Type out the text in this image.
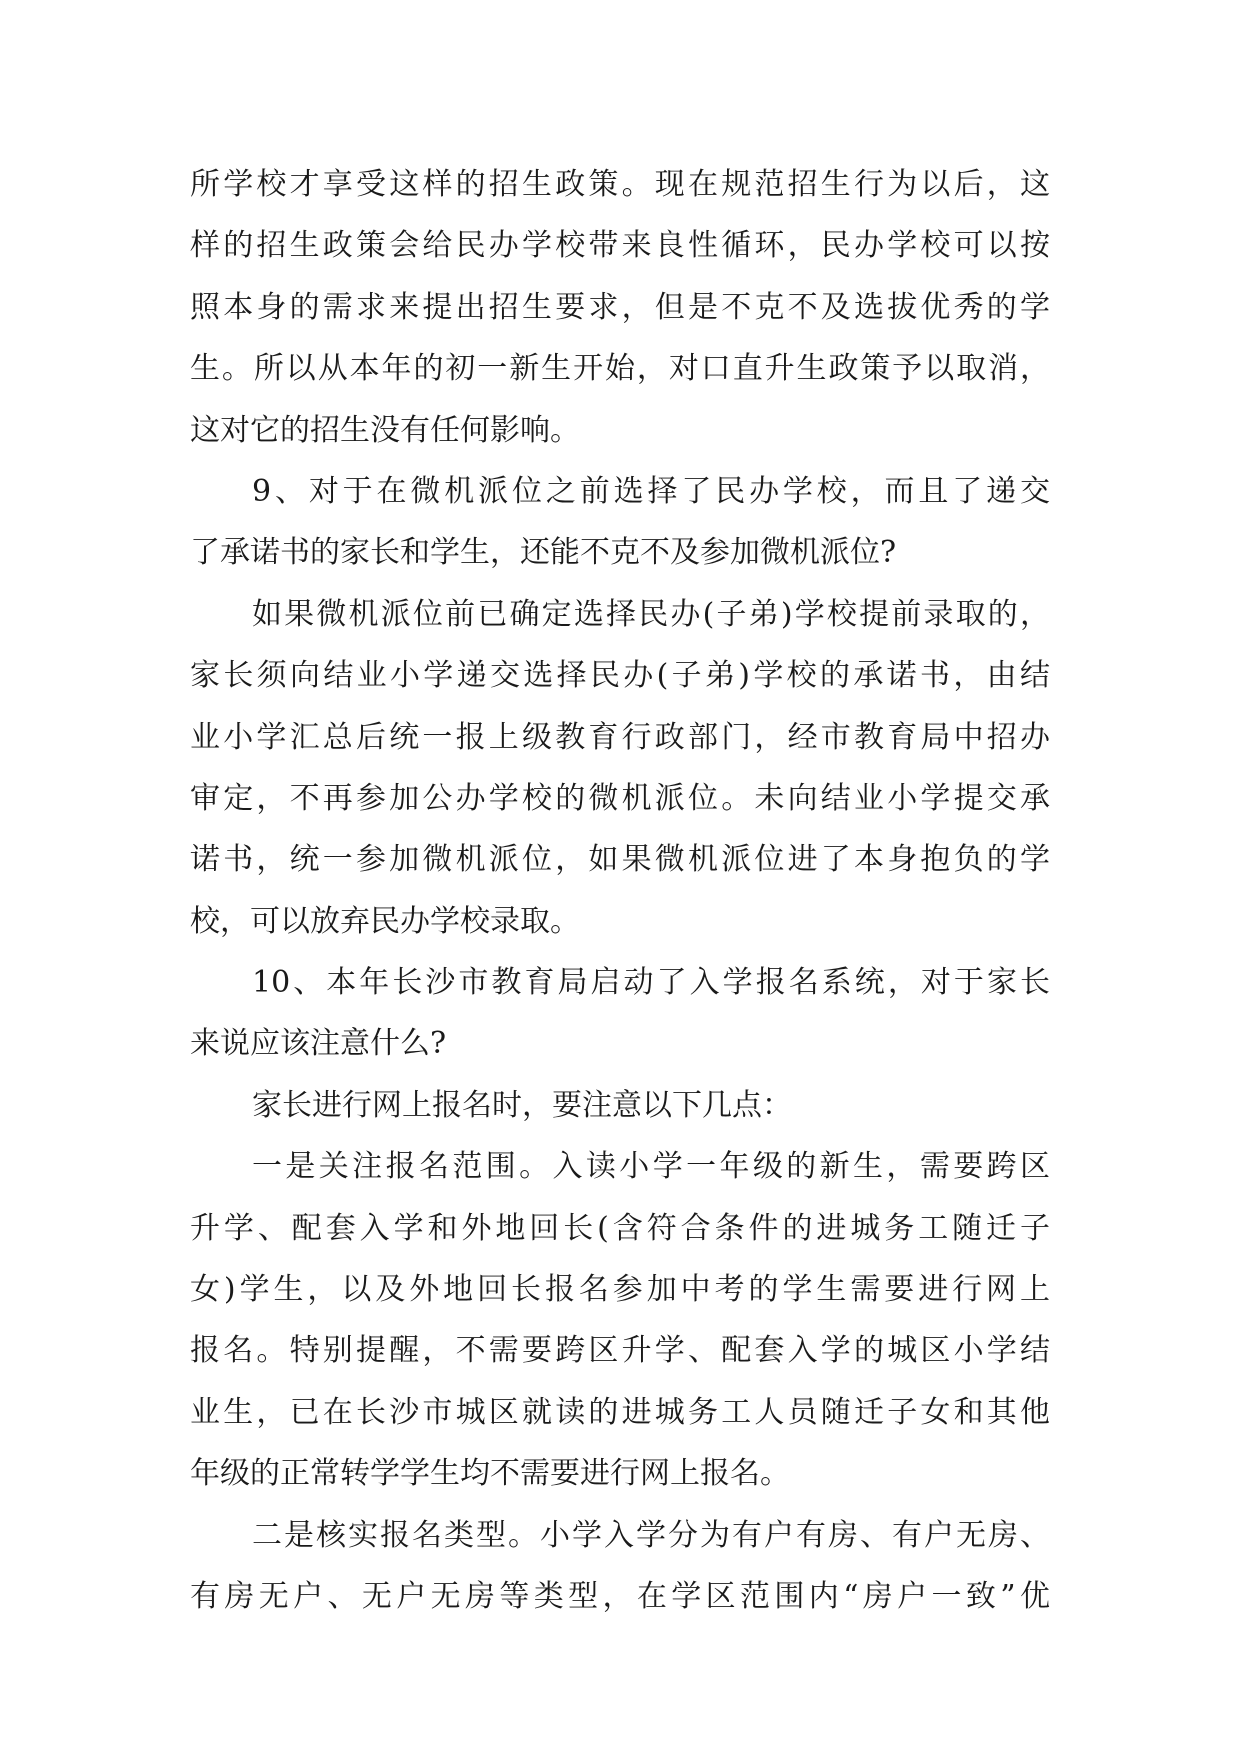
所学校才享受这样的招生政策。现在规范招生行为以后，这
样的招生政策会给民办学校带来良性循环，民办学校可以按
照本身的需求来提出招生要求，但是不克不及选拔优秀的学
生。所以从本年的初一新生开始，对口直升生政策予以取消，
这对它的招生没有任何影响。
9、对于在微机派位之前选择了民办学校，而且了递交
了承诺书的家长和学生，还能不克不及参加微机派位?
如果微机派位前已确定选择民办(子弟)学校提前录取的，
家长须向结业小学递交选择民办(子弟)学校的承诺书，由结
业小学汇总后统一报上级教育行政部门，经市教育局中招办
审定，不再参加公办学校的微机派位。未向结业小学提交承
诺书，统一参加微机派位，如果微机派位进了本身抱负的学
校，可以放弃民办学校录取。
10、本年长沙市教育局启动了入学报名系统，对于家长
来说应该注意什么?
家长进行网上报名时，要注意以下几点：
一是关注报名范围。入读小学一年级的新生，需要跨区
升学、配套入学和外地回长(含符合条件的进城务工随迁子
女)学生，以及外地回长报名参加中考的学生需要进行网上
报名。特别提醒，不需要跨区升学、配套入学的城区小学结
业生，已在长沙市城区就读的进城务工人员随迁子女和其他
年级的正常转学学生均不需要进行网上报名。
二是核实报名类型。小学入学分为有户有房、有户无房、
有房无户、无户无房等类型，在学区范围内“房户一致”优
